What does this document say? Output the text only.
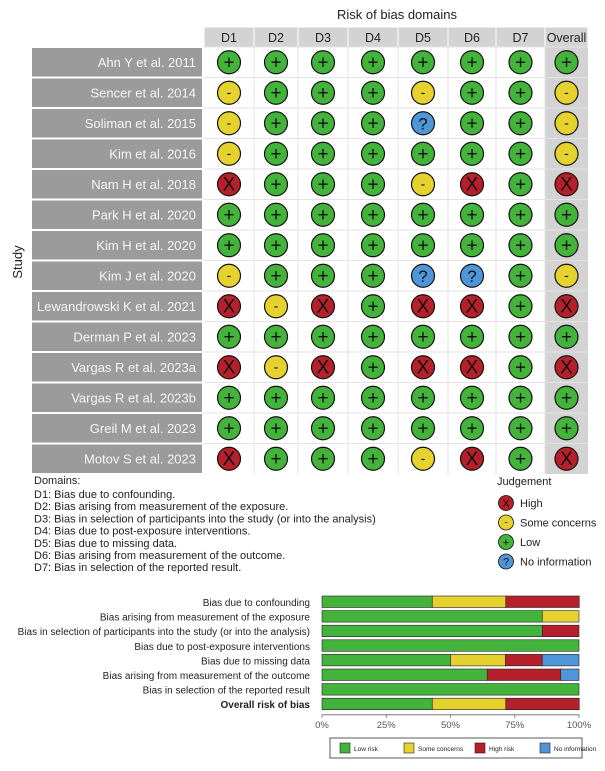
Risk of bias domains
D1 D2 D3	D4	D5	D6	D7 Overall
Study
Ahn Y et al. 2011 + + + + + + + +
Sencer et al. 2014 - + + +	- + +	-
Soliman et al. 2015 - + + + ? + +	-
Kim et al. 2016 - + + + + + +	-
Nam H et al. 2018 X + + +	- X + X
Park H et al. 2020 + + + + + + + +
Kim H et al. 2020 + + + + + + + +
Kim J et al. 2020 - + + + ? ? +	-
Lewandrowski K et al. 2021 X	- X + X X + X
Derman P et al. 2023 + + + + + + + +
Vargas R et al. 2023a X	- X + X X + X
Vargas R et al. 2023b + + + + + + + +
Greil M et al. 2023 + + + + + + + +
Motov S et al. 2023 X + + +	- X + X
Domains:
D1: Bias due to confounding.
D2: Bias arising from measurement of the exposure.
D3: Bias in selection of participants into the study (or into the analysis)
D4: Bias due to post-exposure interventions.
D5: Bias due to missing data.
D6: Bias arising from measurement of the outcome.
D7: Bias in selection of the reported result.
Judgement
X High
- Some concerns
+ Low
? No information
Bias due to confounding
Bias arising from measurement of the exposure
Bias in selection of participants into the study (or into the analysis)
Bias due to post-exposure interventions
Bias due to missing data
Bias arising from measurement of the outcome
Bias in selection of the reported result
Overall risk of bias
0%	25%	50%	75%	100%
Low risk	Some concerns	High risk	No information
